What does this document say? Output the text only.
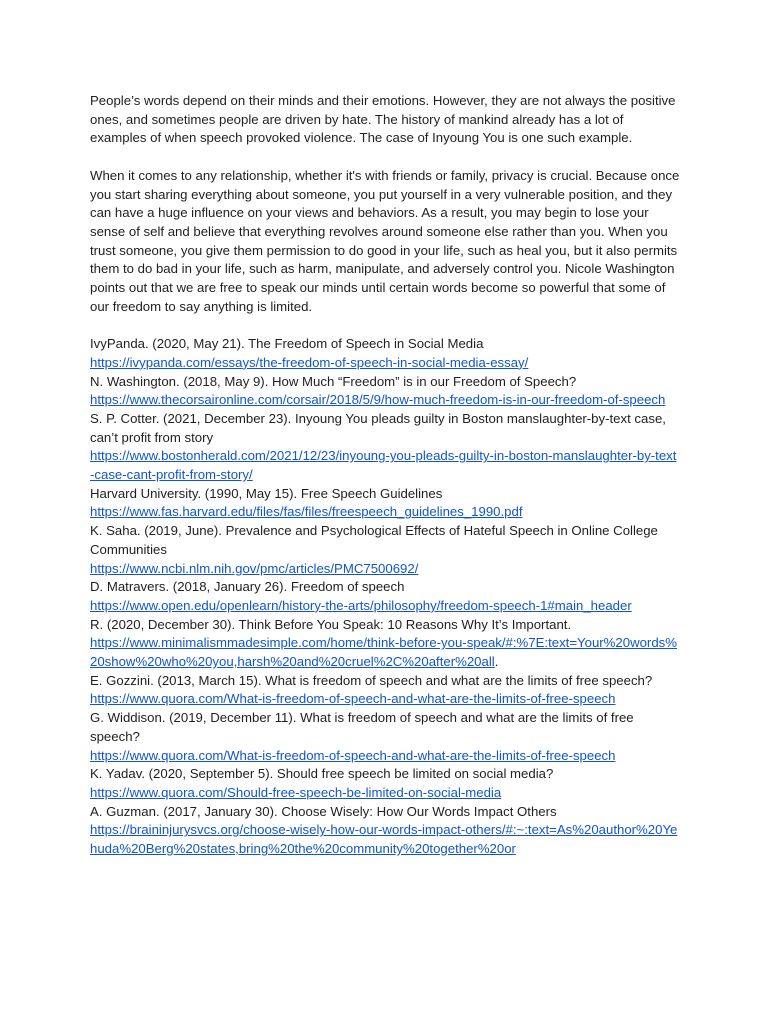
People’s words depend on their minds and their emotions. However, they are not always the positive ones, and sometimes people are driven by hate. The history of mankind already has a lot of examples of when speech provoked violence. The case of Inyoung You is one such example.

When it comes to any relationship, whether it's with friends or family, privacy is crucial. Because once you start sharing everything about someone, you put yourself in a very vulnerable position, and they can have a huge influence on your views and behaviors. As a result, you may begin to lose your sense of self and believe that everything revolves around someone else rather than you. When you trust someone, you give them permission to do good in your life, such as heal you, but it also permits them to do bad in your life, such as harm, manipulate, and adversely control you. Nicole Washington points out that we are free to speak our minds until certain words become so powerful that some of our freedom to say anything is limited.

IvyPanda. (2020, May 21). The Freedom of Speech in Social Media
https://ivypanda.com/essays/the-freedom-of-speech-in-social-media-essay/
N. Washington. (2018, May 9). How Much “Freedom” is in our Freedom of Speech?
https://www.thecorsaironline.com/corsair/2018/5/9/how-much-freedom-is-in-our-freedom-of-speech
S. P. Cotter. (2021, December 23). Inyoung You pleads guilty in Boston manslaughter-by-text case, can’t profit from story
https://www.bostonherald.com/2021/12/23/inyoung-you-pleads-guilty-in-boston-manslaughter-by-text-case-cant-profit-from-story/
Harvard University. (1990, May 15). Free Speech Guidelines
https://www.fas.harvard.edu/files/fas/files/freespeech_guidelines_1990.pdf
K. Saha. (2019, June). Prevalence and Psychological Effects of Hateful Speech in Online College Communities
https://www.ncbi.nlm.nih.gov/pmc/articles/PMC7500692/
D. Matravers. (2018, January 26). Freedom of speech
https://www.open.edu/openlearn/history-the-arts/philosophy/freedom-speech-1#main_header
R. (2020, December 30). Think Before You Speak: 10 Reasons Why It’s Important.
https://www.minimalismmadesimple.com/home/think-before-you-speak/#:%7E:text=Your%20words%20show%20who%20you,harsh%20and%20cruel%2C%20after%20all.
E. Gozzini. (2013, March 15). What is freedom of speech and what are the limits of free speech?
https://www.quora.com/What-is-freedom-of-speech-and-what-are-the-limits-of-free-speech
G. Widdison. (2019, December 11). What is freedom of speech and what are the limits of free speech?
https://www.quora.com/What-is-freedom-of-speech-and-what-are-the-limits-of-free-speech
K. Yadav. (2020, September 5). Should free speech be limited on social media?
https://www.quora.com/Should-free-speech-be-limited-on-social-media
A. Guzman. (2017, January 30). Choose Wisely: How Our Words Impact Others
https://braininjurysvcs.org/choose-wisely-how-our-words-impact-others/#:~:text=As%20author%20Yehuda%20Berg%20states,bring%20the%20community%20together%20or
